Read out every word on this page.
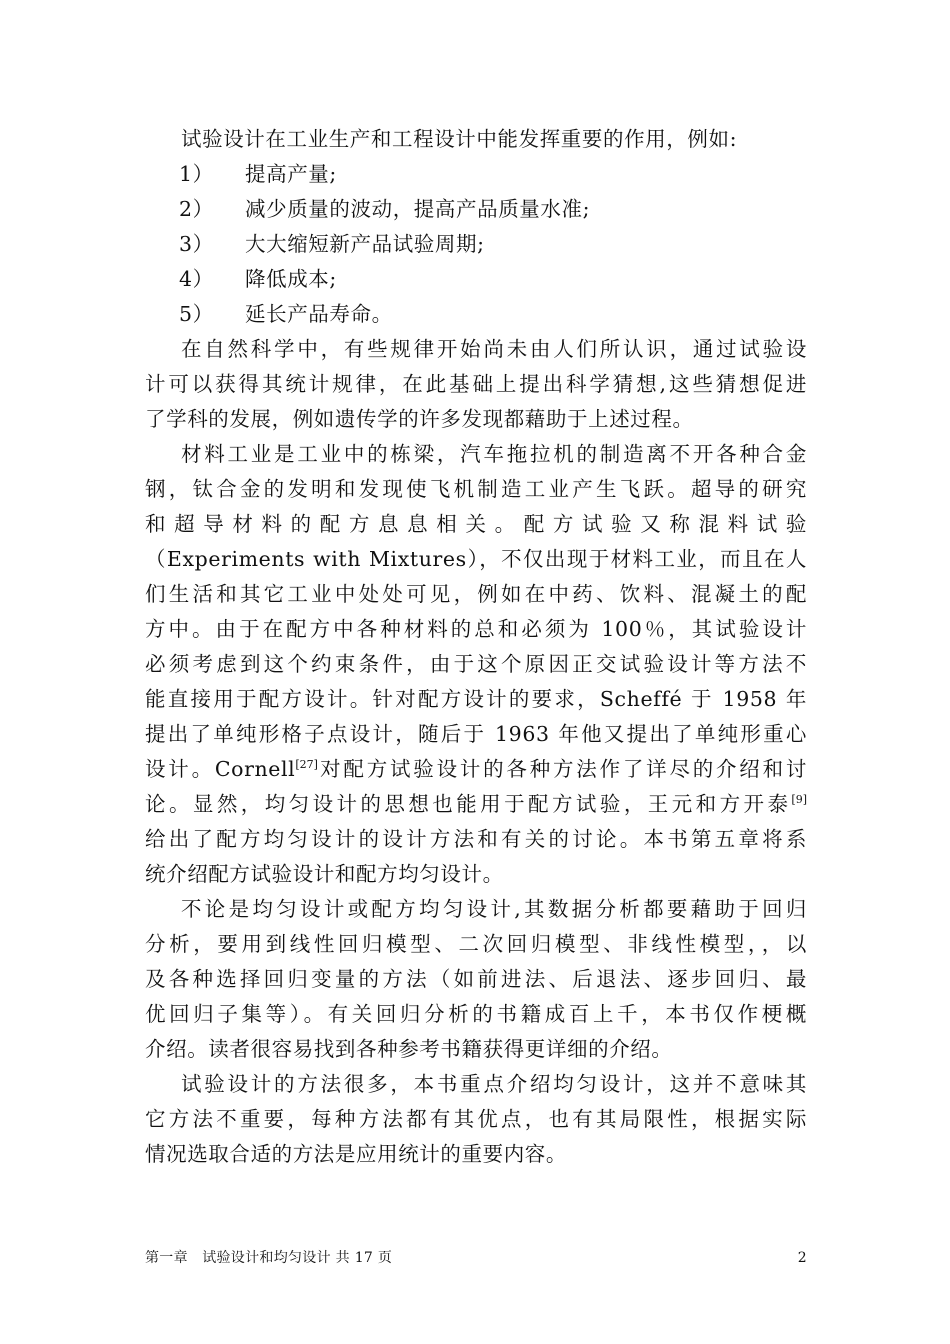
试验设计在工业生产和工程设计中能发挥重要的作用，例如:
1） 提高产量;
2） 减少质量的波动，提高产品质量水准;
3） 大大缩短新产品试验周期;
4） 降低成本;
5） 延长产品寿命。
在自然科学中，有些规律开始尚未由人们所认识，通过试验设
计可以获得其统计规律，在此基础上提出科学猜想,这些猜想促进
了学科的发展，例如遗传学的许多发现都藉助于上述过程。
材料工业是工业中的栋梁，汽车拖拉机的制造离不开各种合金
钢，钛合金的发明和发现使飞机制造工业产生飞跃。超导的研究
和超导材料的配方息息相关。配方试验又称混料试验
（Experiments with Mixtures），不仅出现于材料工业，而且在人
们生活和其它工业中处处可见，例如在中药、饮料、混凝土的配
方中。由于在配方中各种材料的总和必须为 100％，其试验设计
必须考虑到这个约束条件，由于这个原因正交试验设计等方法不
能直接用于配方设计。针对配方设计的要求，Scheffé 于 1958 年
提出了单纯形格子点设计，随后于 1963 年他又提出了单纯形重心
设计。Cornell[27]对配方试验设计的各种方法作了详尽的介绍和讨
论。显然，均匀设计的思想也能用于配方试验，王元和方开泰[9]
给出了配方均匀设计的设计方法和有关的讨论。本书第五章将系
统介绍配方试验设计和配方均匀设计。
不论是均匀设计或配方均匀设计,其数据分析都要藉助于回归
分析，要用到线性回归模型、二次回归模型、非线性模型，，以
及各种选择回归变量的方法（如前进法、后退法、逐步回归、最
优回归子集等）。有关回归分析的书籍成百上千，本书仅作梗概
介绍。读者很容易找到各种参考书籍获得更详细的介绍。
试验设计的方法很多，本书重点介绍均匀设计，这并不意味其
它方法不重要，每种方法都有其优点，也有其局限性，根据实际
情况选取合适的方法是应用统计的重要内容。
第一章　试验设计和均匀设计 共 17 页	2
